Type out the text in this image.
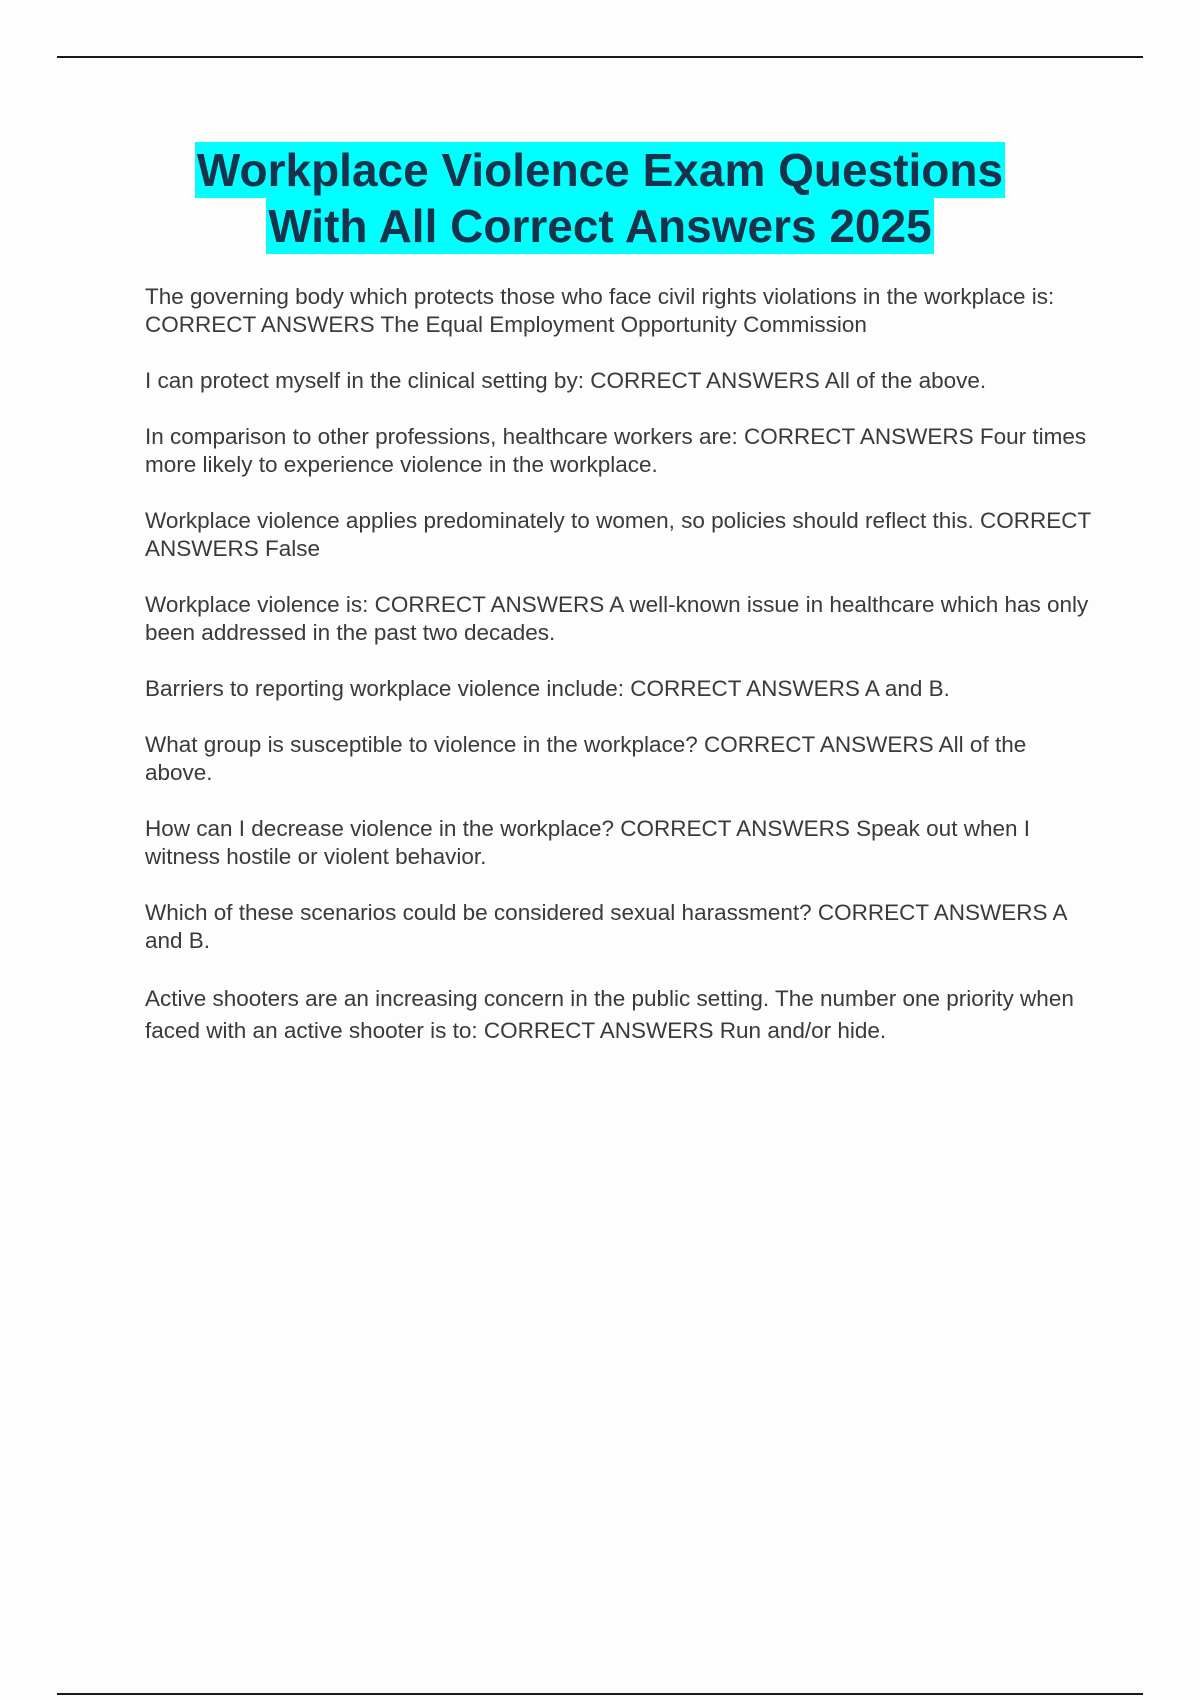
Workplace Violence Exam Questions
With All Correct Answers 2025

The governing body which protects those who face civil rights violations in the workplace is: CORRECT ANSWERS The Equal Employment Opportunity Commission

I can protect myself in the clinical setting by: CORRECT ANSWERS All of the above.

In comparison to other professions, healthcare workers are: CORRECT ANSWERS Four times more likely to experience violence in the workplace.

Workplace violence applies predominately to women, so policies should reflect this. CORRECT ANSWERS False

Workplace violence is: CORRECT ANSWERS A well-known issue in healthcare which has only been addressed in the past two decades.

Barriers to reporting workplace violence include: CORRECT ANSWERS A and B.

What group is susceptible to violence in the workplace? CORRECT ANSWERS All of the above.

How can I decrease violence in the workplace? CORRECT ANSWERS Speak out when I witness hostile or violent behavior.

Which of these scenarios could be considered sexual harassment? CORRECT ANSWERS A and B.

Active shooters are an increasing concern in the public setting. The number one priority when faced with an active shooter is to: CORRECT ANSWERS Run and/or hide.
